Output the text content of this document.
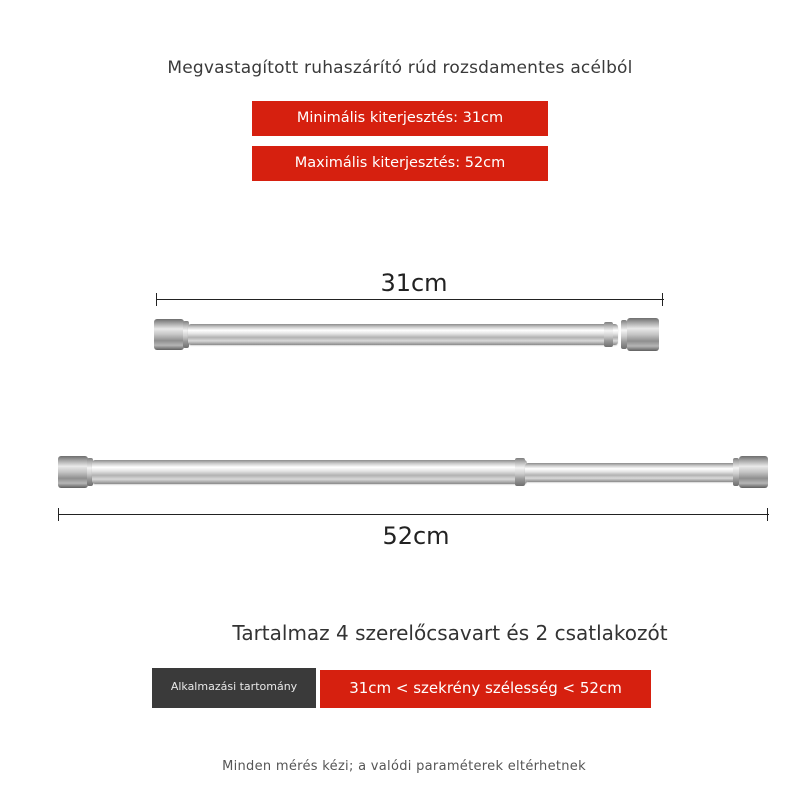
Megvastagított ruhaszárító rúd rozsdamentes acélból
Minimális kiterjesztés: 31cm
Maximális kiterjesztés: 52cm
31cm
52cm
Tartalmaz 4 szerelőcsavart és 2 csatlakozót
Alkalmazási tartomány	31cm < szekrény szélesség < 52cm
Minden mérés kézi; a valódi paraméterek eltérhetnek
